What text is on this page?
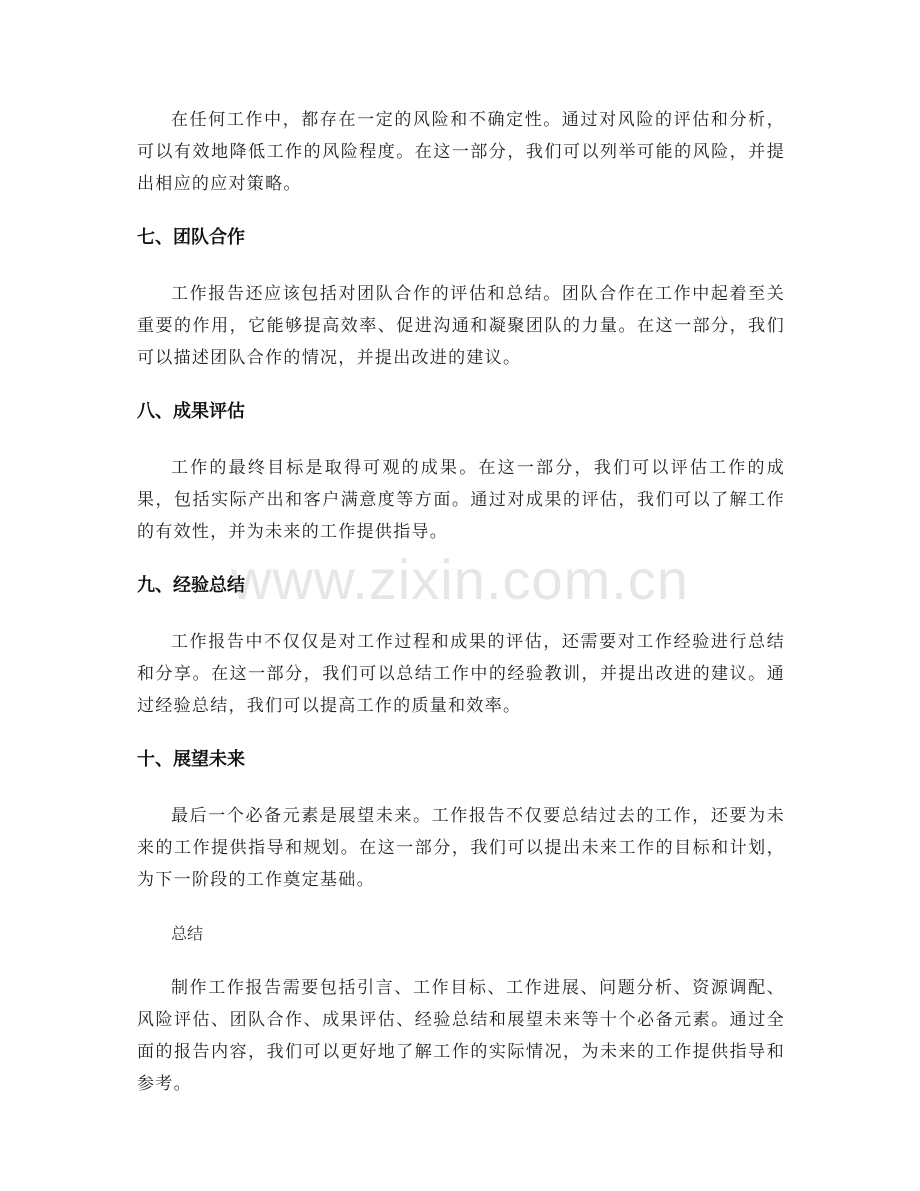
在任何工作中，都存在一定的风险和不确定性。通过对风险的评估和分析，可以有效地降低工作的风险程度。在这一部分，我们可以列举可能的风险，并提出相应的应对策略。

七、团队合作

工作报告还应该包括对团队合作的评估和总结。团队合作在工作中起着至关重要的作用，它能够提高效率、促进沟通和凝聚团队的力量。在这一部分，我们可以描述团队合作的情况，并提出改进的建议。

八、成果评估

工作的最终目标是取得可观的成果。在这一部分，我们可以评估工作的成果，包括实际产出和客户满意度等方面。通过对成果的评估，我们可以了解工作的有效性，并为未来的工作提供指导。

九、经验总结

工作报告中不仅仅是对工作过程和成果的评估，还需要对工作经验进行总结和分享。在这一部分，我们可以总结工作中的经验教训，并提出改进的建议。通过经验总结，我们可以提高工作的质量和效率。

十、展望未来

最后一个必备元素是展望未来。工作报告不仅要总结过去的工作，还要为未来的工作提供指导和规划。在这一部分，我们可以提出未来工作的目标和计划，为下一阶段的工作奠定基础。

总结

制作工作报告需要包括引言、工作目标、工作进展、问题分析、资源调配、风险评估、团队合作、成果评估、经验总结和展望未来等十个必备元素。通过全面的报告内容，我们可以更好地了解工作的实际情况，为未来的工作提供指导和参考。

www.zixin.com.cn
